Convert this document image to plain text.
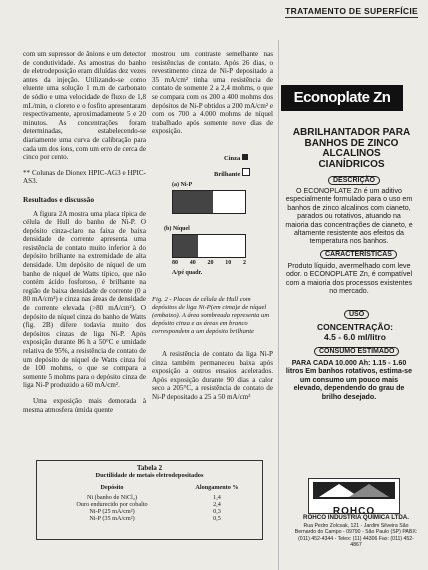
TRATAMENTO DE SUPERFÍCIE

com um supressor de ânions e um detector de condutividade. As amostras do banho de eletrodeposição eram diluídas dez vezes antes da injeção. Utilizando-se como eluente uma solução 1 m.m de carbonato de sódio e uma velocidade de fluxo de 1,8 mL/min, o cloreto e o fosfito apresentaram respectivamente, aproximadamente 5 e 20 minutos. As concentrações foram determinadas, estabelecendo-se diariamente uma curva de calibração para cada um dos íons, com um erro de cerca de cinco por cento.

** Colunas de Dionex HPIC-AG3 e HPIC-AS3.

Resultados e discussão

A figura 2A mostra uma placa típica de célula de Hull do banho de Ni-P. O depósito cinza-claro na faixa de baixa densidade de corrente apresenta uma resistência de contato muito inferior à do depósito brilhante na extremidade de alta densidade. Um depósito de níquel de um banho de níquel de Watts típico, que não contém ácido fosforoso, é brilhante na região de baixa densidade de corrente (0 a 80 mA/cm²) e cinza nas áreas de densidade de corrente elevada (>80 mA/cm²). O depósito de níquel cinza do banho de Watts (fig. 2B) difere todavia muito dos depósitos cinzas de liga Ni-P. Após exposição durante 86 h a 50°C e umidade relativa de 95%, a resistência de contato de um depósito de níquel de Watts cinza foi de 100 mohms, o que se compara a somente 5 mohms para o depósito cinza de liga Ni-P produzido a 60 mA/cm².

Uma exposição mais demorada à mesma atmosfera úmida quente

mostrou um contraste semelhante nas resistências de contato. Após 26 dias, o revestimento cinza de Ni-P depositado a 35 mA/cm² tinha uma resistência de contato de somente 2 a 2,4 mohms, o que se compara com os 200 a 400 mohms dos depósitos de Ni-P obtidos a 200 mA/cm² e com os 700 a 4.000 mohms de níquel trabalhado após somente nove dias de exposição.

Cinza
Brilhante
(a) Ni-P
(b) Níquel
80 40 20 10 2
A/pé quadr.
Fig. 2 - Placas de célula de Hull com depósitos de liga Ni-P(em cima)e de níquel (embaixo). A área sombreada representa um depósito cinza e as áreas em branco correspondem a um depósito brilhante
A resistência de contato da liga Ni-P cinza também permaneceu baixa após exposição a outros ensaios acelerados. Após exposição durante 90 dias a calor seco a 205°C, a resistência de contato de Ni-P depositado a 25 a 50 mA/cm²
Tabela 2
Ductilidade de metais eletrodepositados
Depósito	Alongamento %
Ni (banho de NiCl₂)	1,4
Ouro endurecido por cobalto	2,4
Ni-P (25 mA/cm²)	0,3
Ni-P (35 mA/cm²)	0,5
Econoplate Zn
ABRILHANTADOR PARA BANHOS DE ZINCO ALCALINOS CIANÍDRICOS
DESCRIÇÃO
O ECONOPLATE Zn é um aditivo especialmente formulado para o uso em banhos de zinco alcalinos com cianeto, parados ou rotativos, atuando na maioria das concentrações de cianeto, e altamente resistente aos efeitos da temperatura nos banhos.
CARACTERÍSTICAS
Produto líquido, avermelhado com leve odor. o ECONOPLATE Zn, é compatível com a maioria dos processos existentes no mercado.
USO
CONCENTRAÇÃO:
4.5 - 6.0 ml/litro
CONSUMO ESTIMADO
PARA CADA 10.000 Ah: 1.15 - 1.60 litros Em banhos rotativos, estima-se um consumo um pouco mais elevado, dependendo do grau de brilho desejado.
ROHCO
ROHCO INDÚSTRIA QUÍMICA LTDA.
Rua Pedro Zolcsak, 121 - Jardim Silveira São Bernardo do Campo - 09790 - São Paulo (SP) PABX: (011) 452-4344 - Telex: (11) 44306 Fax: (011) 452-4867
